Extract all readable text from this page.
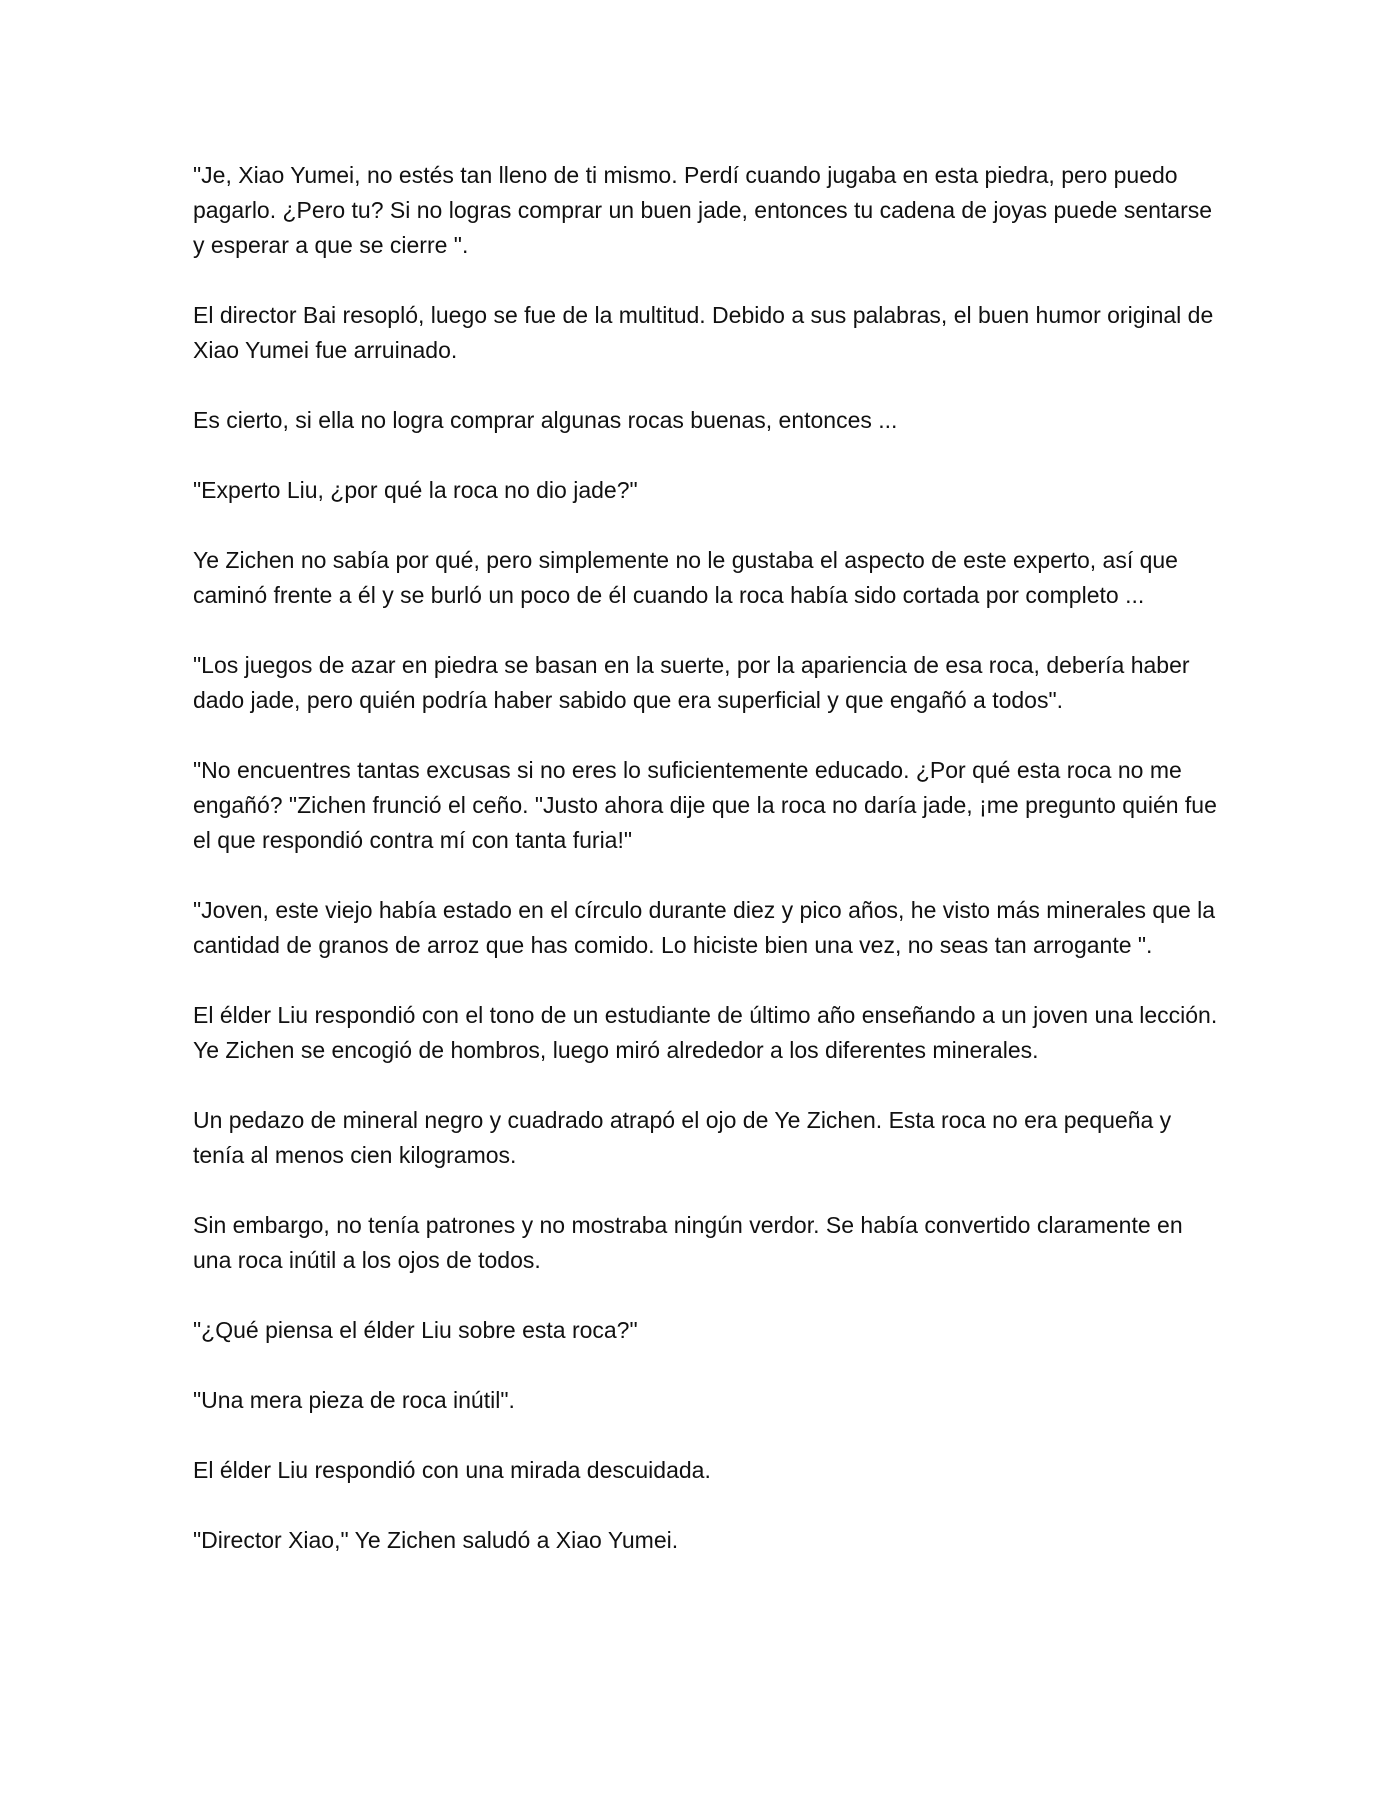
"Je, Xiao Yumei, no estés tan lleno de ti mismo. Perdí cuando jugaba en esta piedra, pero puedo pagarlo. ¿Pero tu? Si no logras comprar un buen jade, entonces tu cadena de joyas puede sentarse y esperar a que se cierre ".

El director Bai resopló, luego se fue de la multitud. Debido a sus palabras, el buen humor original de Xiao Yumei fue arruinado.

Es cierto, si ella no logra comprar algunas rocas buenas, entonces ...

"Experto Liu, ¿por qué la roca no dio jade?"

Ye Zichen no sabía por qué, pero simplemente no le gustaba el aspecto de este experto, así que caminó frente a él y se burló un poco de él cuando la roca había sido cortada por completo ...

"Los juegos de azar en piedra se basan en la suerte, por la apariencia de esa roca, debería haber dado jade, pero quién podría haber sabido que era superficial y que engañó a todos".

"No encuentres tantas excusas si no eres lo suficientemente educado. ¿Por qué esta roca no me engañó? "Zichen frunció el ceño. "Justo ahora dije que la roca no daría jade, ¡me pregunto quién fue el que respondió contra mí con tanta furia!"

"Joven, este viejo había estado en el círculo durante diez y pico años, he visto más minerales que la cantidad de granos de arroz que has comido. Lo hiciste bien una vez, no seas tan arrogante ".

El élder Liu respondió con el tono de un estudiante de último año enseñando a un joven una lección. Ye Zichen se encogió de hombros, luego miró alrededor a los diferentes minerales.

Un pedazo de mineral negro y cuadrado atrapó el ojo de Ye Zichen. Esta roca no era pequeña y tenía al menos cien kilogramos.

Sin embargo, no tenía patrones y no mostraba ningún verdor. Se había convertido claramente en una roca inútil a los ojos de todos.

"¿Qué piensa el élder Liu sobre esta roca?"

"Una mera pieza de roca inútil".

El élder Liu respondió con una mirada descuidada.

"Director Xiao," Ye Zichen saludó a Xiao Yumei.
